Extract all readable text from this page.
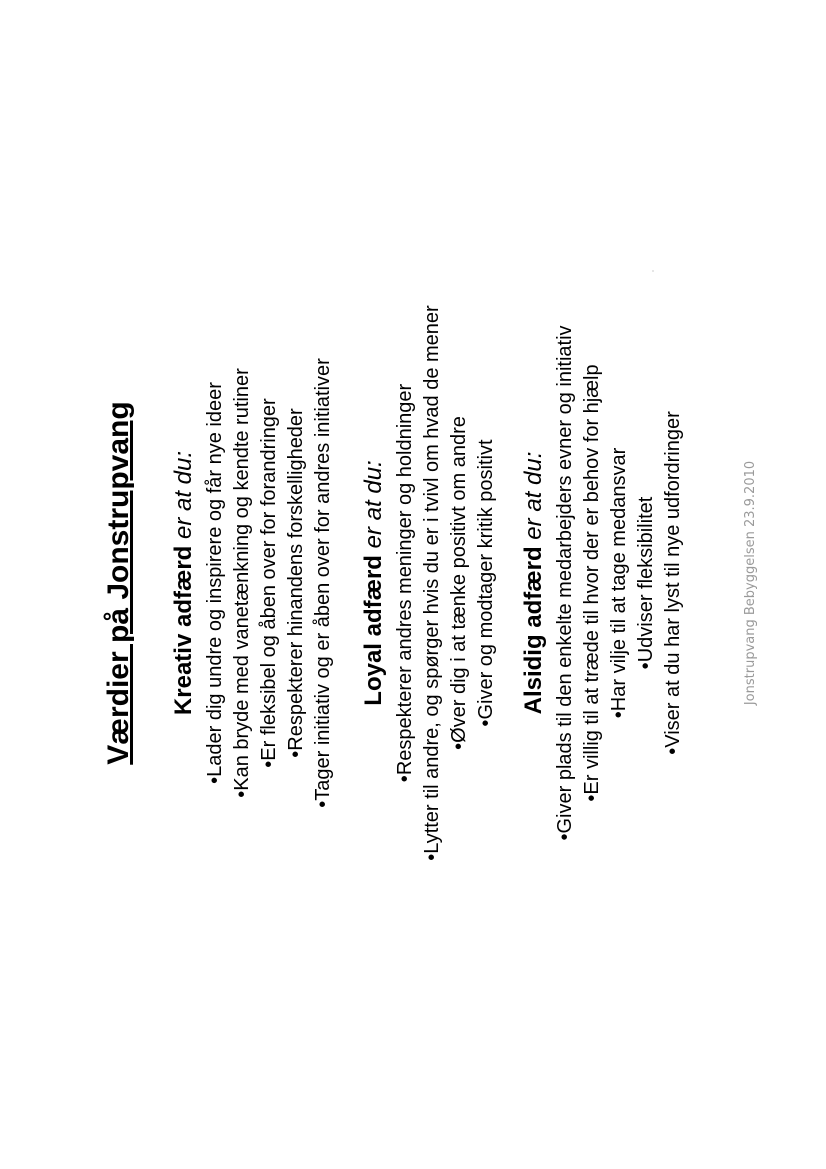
Værdier på Jonstrupvang Kreativ adfærd er at du: • Lader dig undre og inspirere og får nye ideer • Kan bryde med vanetænkning og kendte rutiner • Er fleksibel og åben over for forandringer • Respekterer hinandens forskelligheder • Tager initiativ og er åben over for andres initiativer Loyal adfærd er at du: • Respekterer andres meninger og holdninger • Lytter til andre, og spørger hvis du er i tvivl om hvad de mener • Øver dig i at tænke positivt om andre • Giver og modtager kritik positivt Alsidig adfærd er at du: • Giver plads til den enkelte medarbejders evner og initiativ • Er villig til at træde til hvor der er behov for hjælp • Har vilje til at tage medansvar • Udviser fleksibilitet • Viser at du har lyst til nye udfordringer	Jonstrupvang Bebyggelsen 23.9.2010
